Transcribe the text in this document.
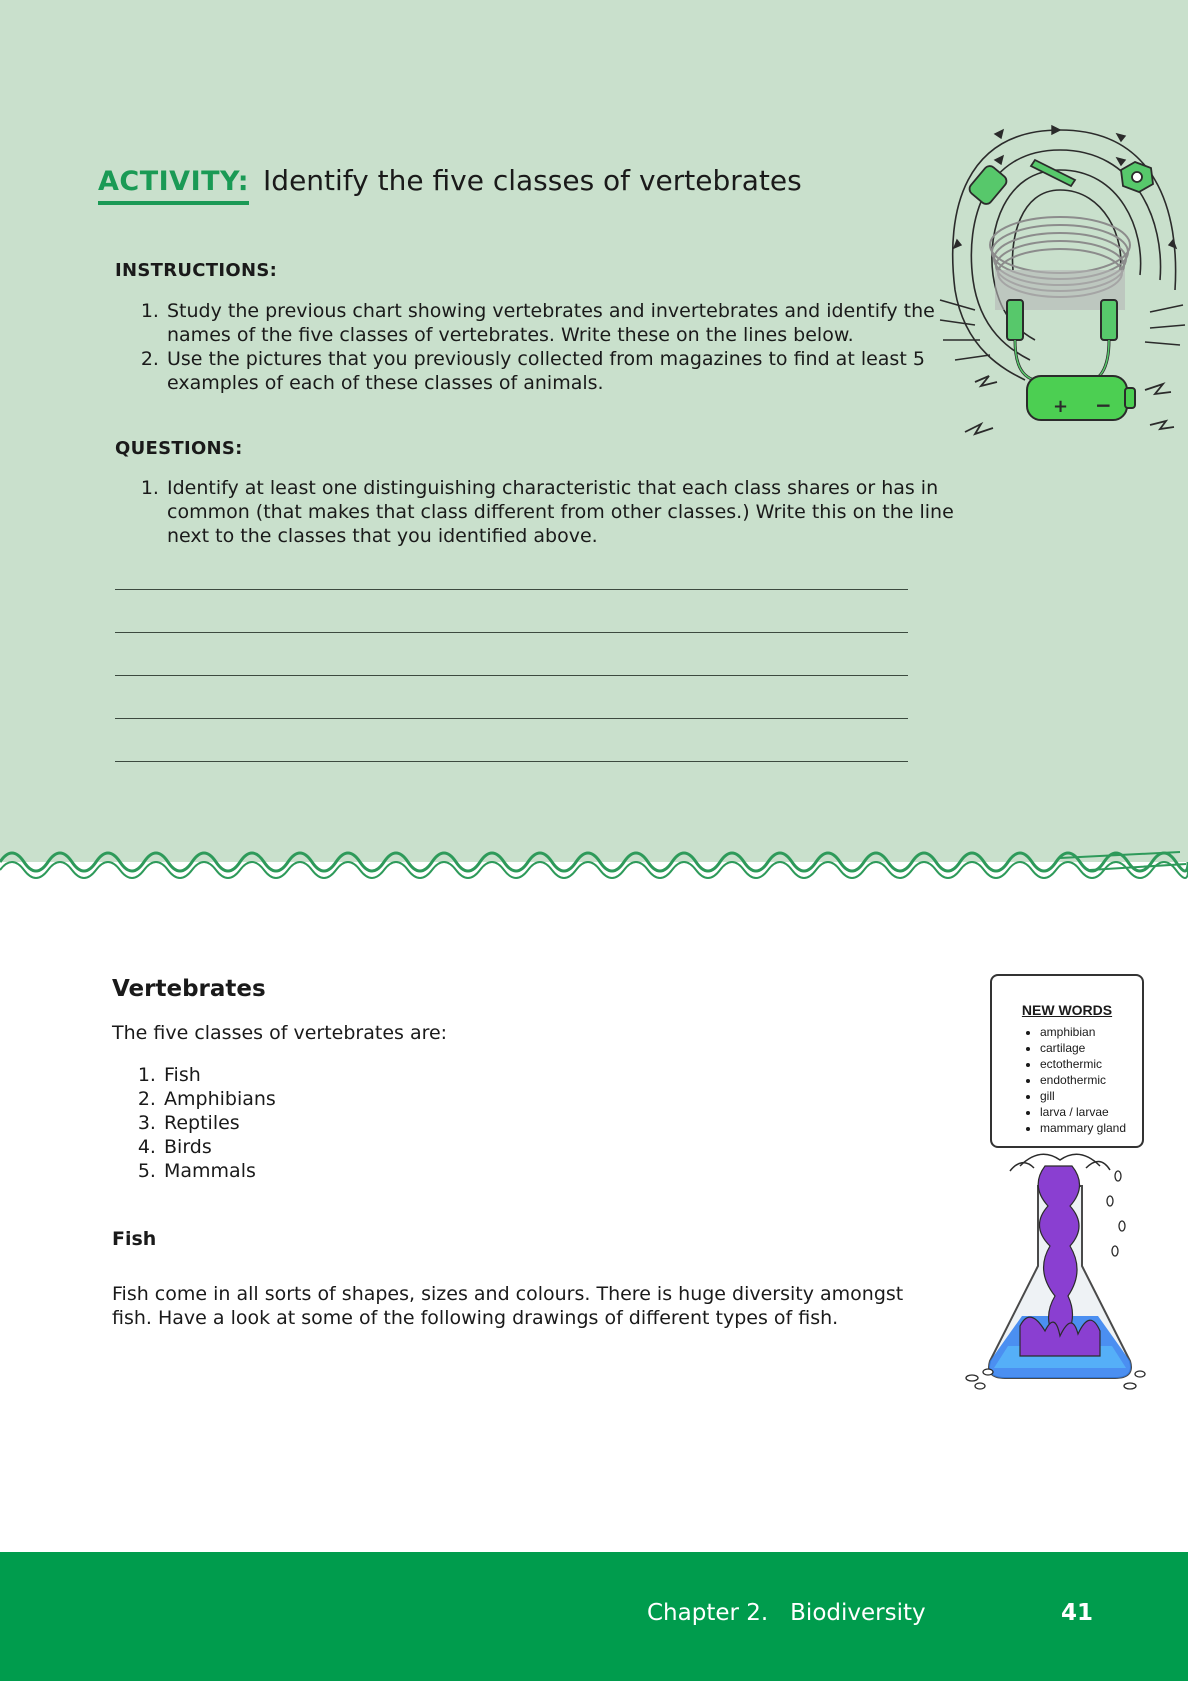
ACTIVITY: Identify the five classes of vertebrates
INSTRUCTIONS:
1. Study the previous chart showing vertebrates and invertebrates and identify the names of the five classes of vertebrates. Write these on the lines below.
2. Use the pictures that you previously collected from magazines to find at least 5 examples of each of these classes of animals.
QUESTIONS:
1. Identify at least one distinguishing characteristic that each class shares or has in common (that makes that class different from other classes.) Write this on the line next to the classes that you identified above.
+ −
Vertebrates
The five classes of vertebrates are:
1. Fish
2. Amphibians
3. Reptiles
4. Birds
5. Mammals
Fish
Fish come in all sorts of shapes, sizes and colours. There is huge diversity amongst fish. Have a look at some of the following drawings of different types of fish.
NEW WORDS
• amphibian
• cartilage
• ectothermic
• endothermic
• gill
• larva / larvae
• mammary gland
Chapter 2.   Biodiversity	41
